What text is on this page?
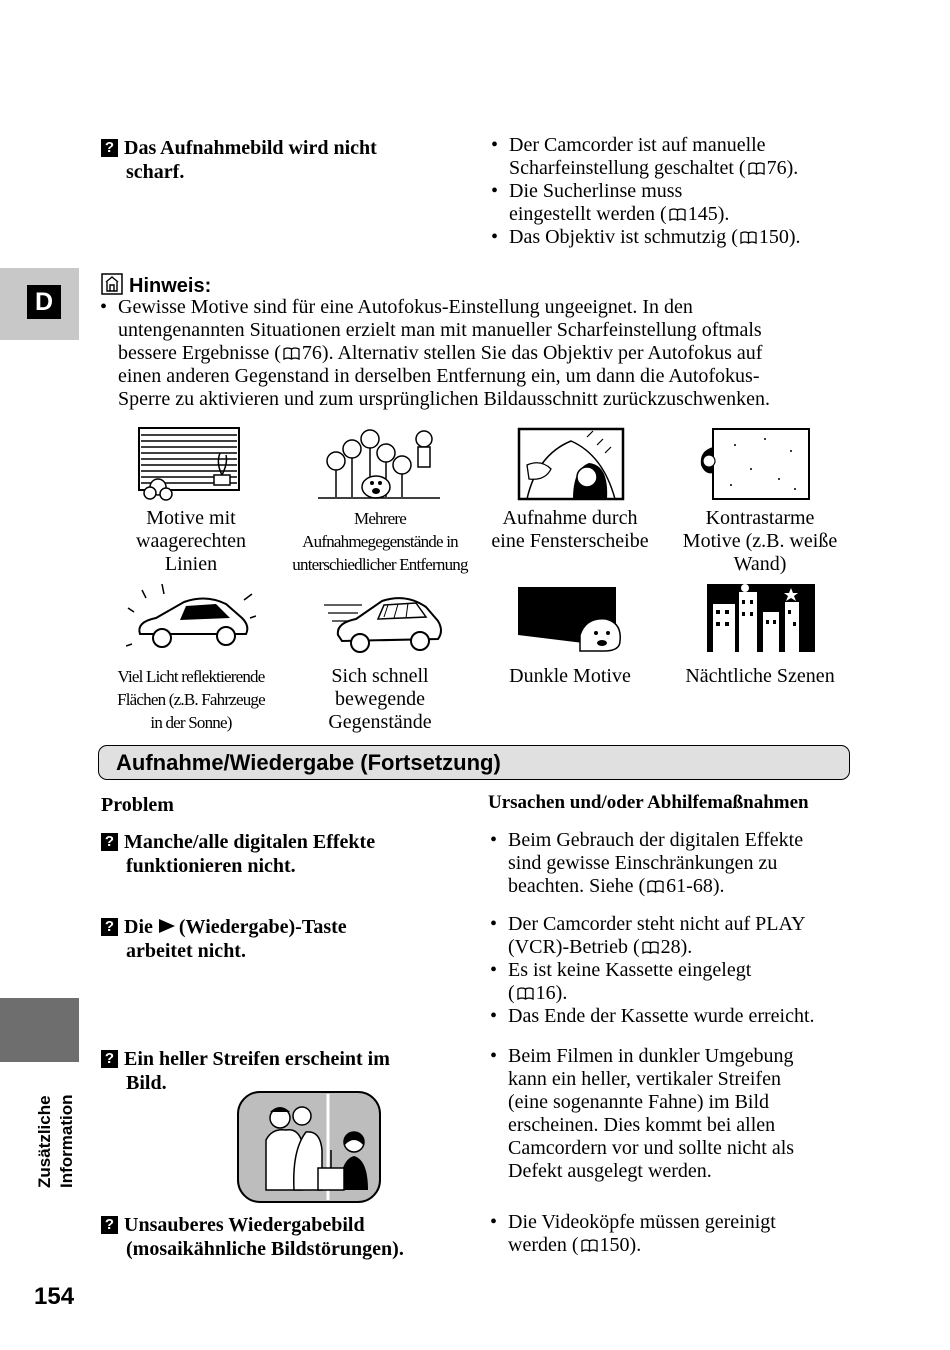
D
Zusätzliche Information
? Das Aufnahmebild wird nicht
scharf.
• Der Camcorder ist auf manuelle
Scharfeinstellung geschaltet ( 76).
• Die Sucherlinse muss
eingestellt werden ( 145).
• Das Objektiv ist schmutzig ( 150).
Hinweis:
• Gewisse Motive sind für eine Autofokus-Einstellung ungeeignet. In den
untengenannten Situationen erzielt man mit manueller Scharfeinstellung oftmals
bessere Ergebnisse ( 76). Alternativ stellen Sie das Objektiv per Autofokus auf
einen anderen Gegenstand in derselben Entfernung ein, um dann die Autofokus-
Sperre zu aktivieren und zum ursprünglichen Bildausschnitt zurückzuschwenken.
Motive mit
waagerechten
Linien
Mehrere
Aufnahmegegenstände in
unterschiedlicher Entfernung
Aufnahme durch
eine Fensterscheibe
Kontrastarme
Motive (z.B. weiße
Wand)
Viel Licht reflektierende
Flächen (z.B. Fahrzeuge
in der Sonne)
Sich schnell
bewegende
Gegenstände
Dunkle Motive	Nächtliche Szenen
Aufnahme/Wiedergabe (Fortsetzung)
Problem	Ursachen und/oder Abhilfemaßnahmen
? Manche/alle digitalen Effekte
funktionieren nicht.
• Beim Gebrauch der digitalen Effekte
sind gewisse Einschränkungen zu
beachten. Siehe ( 61-68).
? Die (Wiedergabe)-Taste
arbeitet nicht.
• Der Camcorder steht nicht auf PLAY
(VCR)-Betrieb ( 28).
• Es ist keine Kassette eingelegt
( 16).
• Das Ende der Kassette wurde erreicht.
? Ein heller Streifen erscheint im
Bild.
• Beim Filmen in dunkler Umgebung
kann ein heller, vertikaler Streifen
(eine sogenannte Fahne) im Bild
erscheinen. Dies kommt bei allen
Camcordern vor und sollte nicht als
Defekt ausgelegt werden.
? Unsauberes Wiedergabebild
(mosaikähnliche Bildstörungen).
• Die Videoköpfe müssen gereinigt
werden ( 150).
154
